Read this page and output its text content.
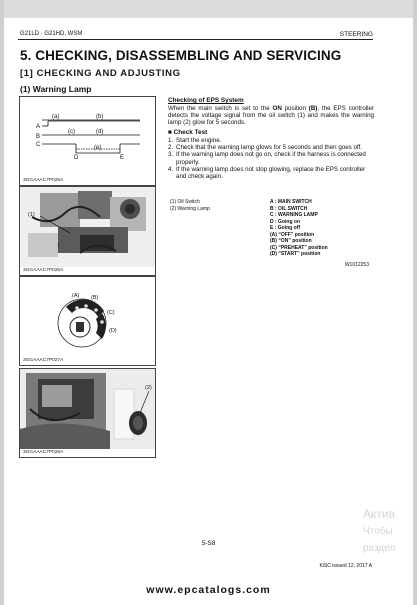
G21LD · G21HD, WSM	STEERING
5. CHECKING, DISASSEMBLING AND SERVICING
[1] CHECKING AND ADJUSTING
(1) Warning Lamp
(a)	(b)
(c)	(d)
(e)
A
B
C
D	E
3GGAAAC7P025A
(1)
3GGAAAC7P026A
(A) (B)
(C)
(D)
3GGAAAC7P027A
(2)
3GGAAAC7P028A
Checking of EPS System
When the main switch is set to the ON position (B), the EPS controller detects the voltage signal from the oil switch (1) and makes the warning lamp (2) glow for 5 seconds.
■ Check Test
1. Start the engine.
2. Check that the warning lamp glows for 5 seconds and then goes off.
3. If the warning lamp does not go on, check if the harness is connected properly.
4. If the warning lamp does not stop glowing, replace the EPS controller and check again.
(1) Oil Switch
(2) Warning Lamp
A : MAIN SWITCH
B : OIL SWITCH
C : WARNING LAMP
D : Going on
E : Going off
(A) “OFF” position
(B) “ON” position
(C) “PREHEAT” position
(D) “START” position
W1012253
5-S8
KiSC issued 12, 2017 A
Актив
Чтобы
раздел
www.epcatalogs.com
